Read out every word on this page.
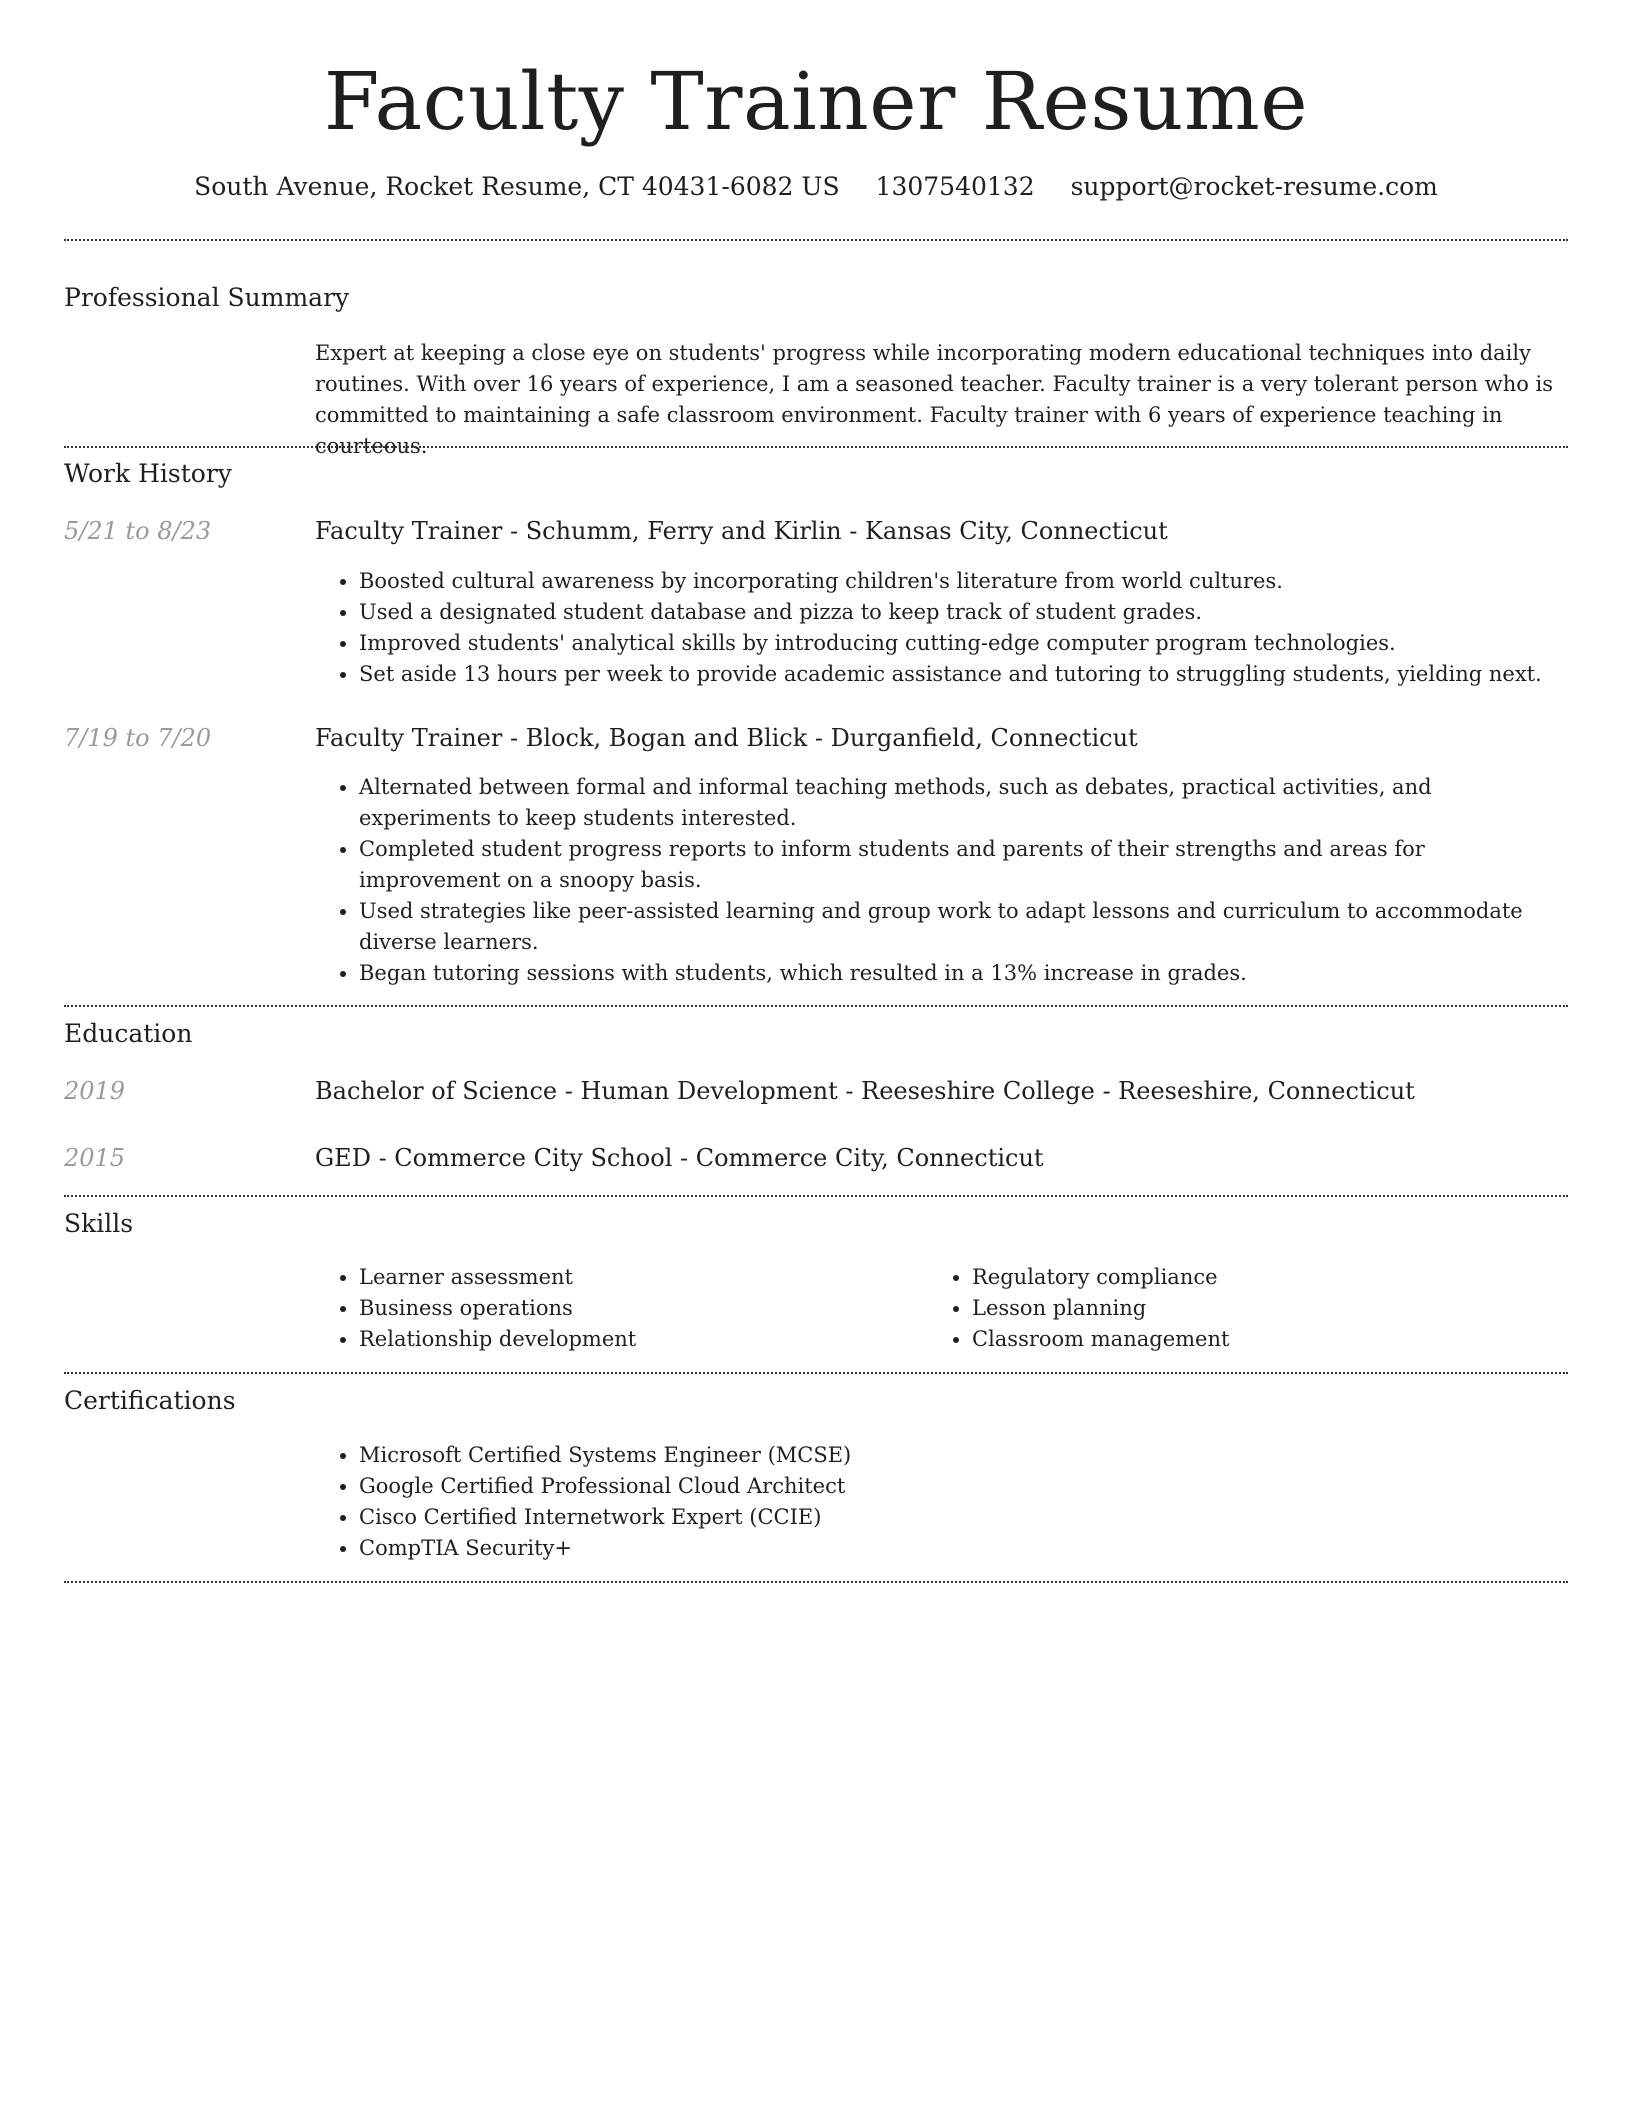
Faculty Trainer Resume
South Avenue, Rocket Resume, CT 40431-6082 US 1307540132 support@rocket-resume.com
Professional Summary
Expert at keeping a close eye on students' progress while incorporating modern educational techniques into daily routines. With over 16 years of experience, I am a seasoned teacher. Faculty trainer is a very tolerant person who is committed to maintaining a safe classroom environment. Faculty trainer with 6 years of experience teaching in courteous.
Work History
5/21 to 8/23	Faculty Trainer - Schumm, Ferry and Kirlin - Kansas City, Connecticut
• Boosted cultural awareness by incorporating children's literature from world cultures.
• Used a designated student database and pizza to keep track of student grades.
• Improved students' analytical skills by introducing cutting-edge computer program technologies.
• Set aside 13 hours per week to provide academic assistance and tutoring to struggling students, yielding next.
7/19 to 7/20	Faculty Trainer - Block, Bogan and Blick - Durganfield, Connecticut
• Alternated between formal and informal teaching methods, such as debates, practical activities, and experiments to keep students interested.
• Completed student progress reports to inform students and parents of their strengths and areas for improvement on a snoopy basis.
• Used strategies like peer-assisted learning and group work to adapt lessons and curriculum to accommodate diverse learners.
• Began tutoring sessions with students, which resulted in a 13% increase in grades.
Education
2019	Bachelor of Science - Human Development - Reeseshire College - Reeseshire, Connecticut
2015	GED - Commerce City School - Commerce City, Connecticut
Skills
• Learner assessment
• Business operations
• Relationship development
• Regulatory compliance
• Lesson planning
• Classroom management
Certifications
• Microsoft Certified Systems Engineer (MCSE)
• Google Certified Professional Cloud Architect
• Cisco Certified Internetwork Expert (CCIE)
• CompTIA Security+
